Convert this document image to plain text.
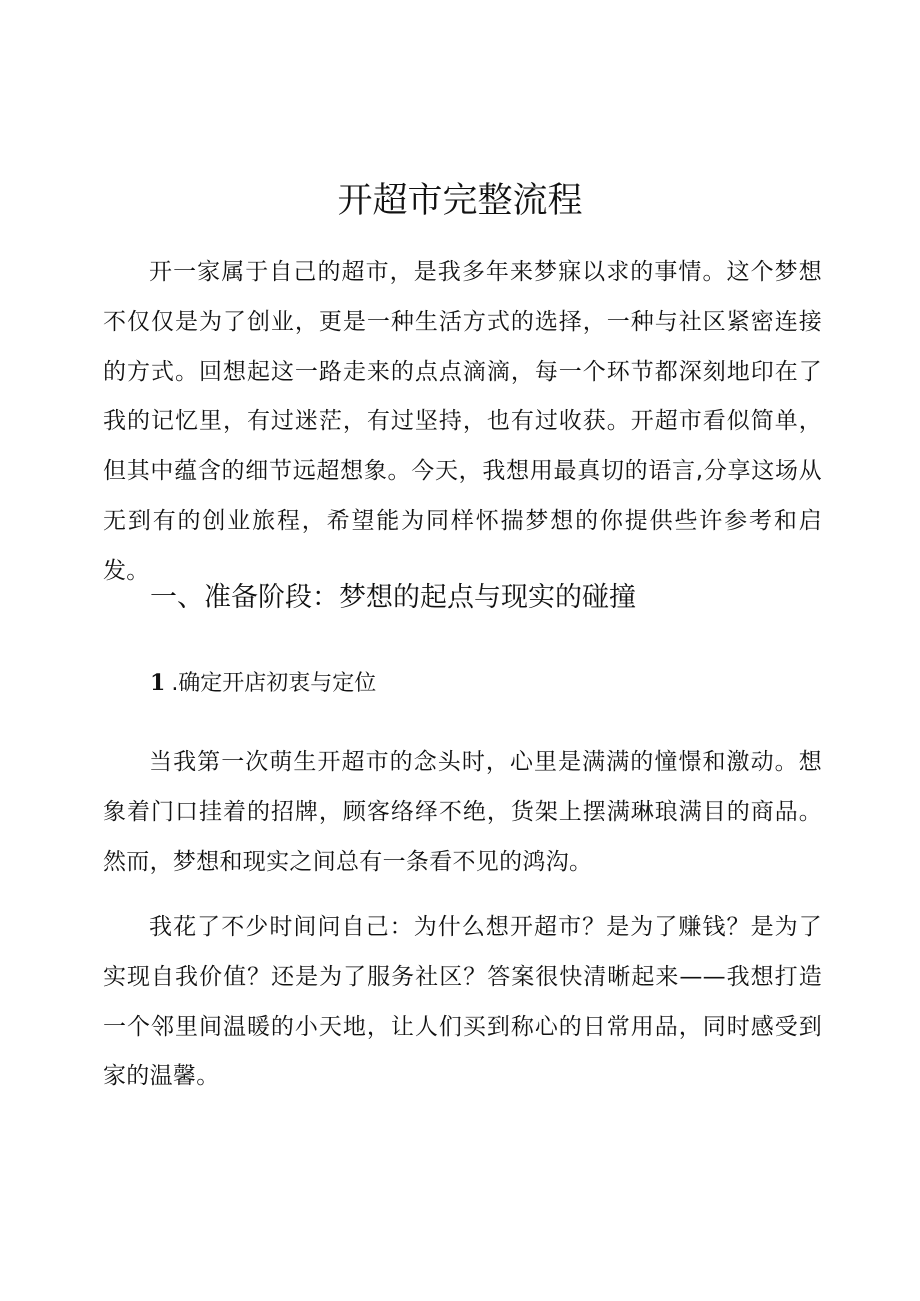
开超市完整流程

开一家属于自己的超市，是我多年来梦寐以求的事情。这个梦想不仅仅是为了创业，更是一种生活方式的选择，一种与社区紧密连接的方式。回想起这一路走来的点点滴滴，每一个环节都深刻地印在了我的记忆里，有过迷茫，有过坚持，也有过收获。开超市看似简单，但其中蕴含的细节远超想象。今天，我想用最真切的语言,分享这场从无到有的创业旅程，希望能为同样怀揣梦想的你提供些许参考和启发。

一、准备阶段：梦想的起点与现实的碰撞
1 .确定开店初衷与定位

当我第一次萌生开超市的念头时，心里是满满的憧憬和激动。想象着门口挂着的招牌，顾客络绎不绝，货架上摆满琳琅满目的商品。然而，梦想和现实之间总有一条看不见的鸿沟。

我花了不少时间问自己：为什么想开超市？是为了赚钱？是为了实现自我价值？还是为了服务社区？答案很快清晰起来——我想打造一个邻里间温暖的小天地，让人们买到称心的日常用品，同时感受到家的温馨。
